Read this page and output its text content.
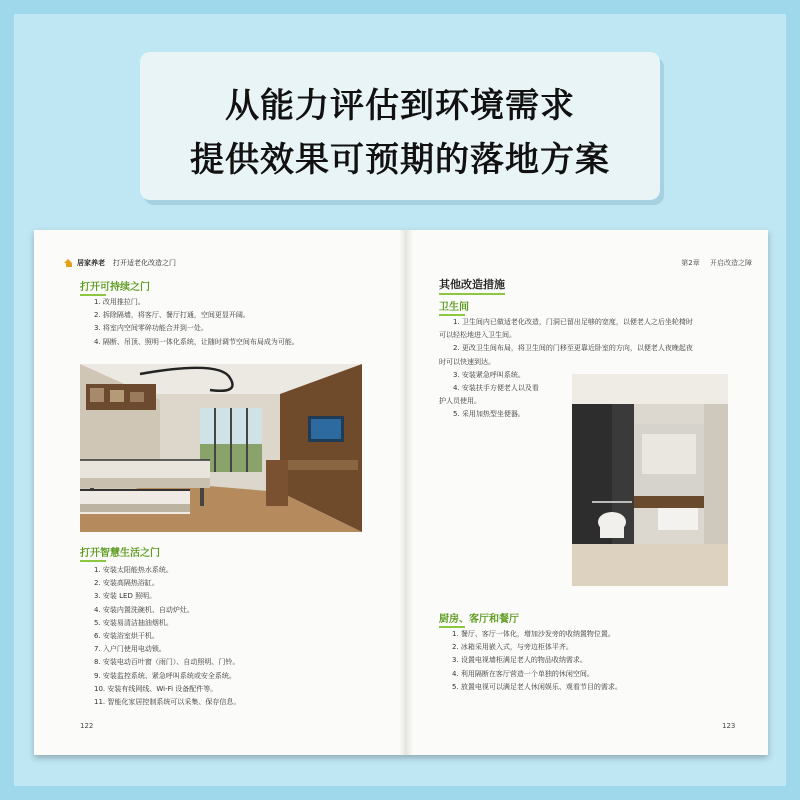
从能力评估到环境需求
提供效果可预期的落地方案
居家养老 打开适老化改造之门
打开可持续之门
1. 改用推拉门。
2. 拆除隔墙，将客厅、餐厅打通，空间更显开阔。
3. 将室内空间零碎功能合并到一处。
4. 隔断、吊顶、照明一体化系统，让随时调节空间布局成为可能。
打开智慧生活之门
1. 安装太阳能热水系统。
2. 安装高隔热浴缸。
3. 安装 LED 照明。
4. 安装内置洗碗机、自动炉灶。
5. 安装易清洁抽油烟机。
6. 安装浴室烘干机。
7. 入户门使用电动锁。
8. 安装电动百叶窗（雨门）、自动照明、门铃。
9. 安装监控系统、紧急呼叫系统或安全系统。
10. 安装有线网线、Wi-Fi 设备配件等。
11. 智能化家居控制系统可以采集、保存信息。
122
第2章 开启改造之障
其他改造措施
卫生间
1. 卫生间内已做适老化改造，门洞已留出足够的宽度，以便老人之后坐轮椅时
可以轻松地进入卫生间。
2. 更改卫生间布局，将卫生间的门移至更靠近卧室的方向，以便老人夜晚起夜
时可以快速到达。
3. 安装紧急呼叫系统。
4. 安装扶手方便老人以及看
护人员使用。
5. 采用加热型坐便器。
厨房、客厅和餐厅
1. 餐厅、客厅一体化，增加沙发旁的收纳置物位置。
2. 冰箱采用嵌入式，与旁边柜体平齐。
3. 设置电视墙柜满足老人的物品收纳需求。
4. 利用隔断在客厅营造一个单独的休闲空间。
5. 放置电视可以满足老人休闲娱乐、观看节目的需求。
123
